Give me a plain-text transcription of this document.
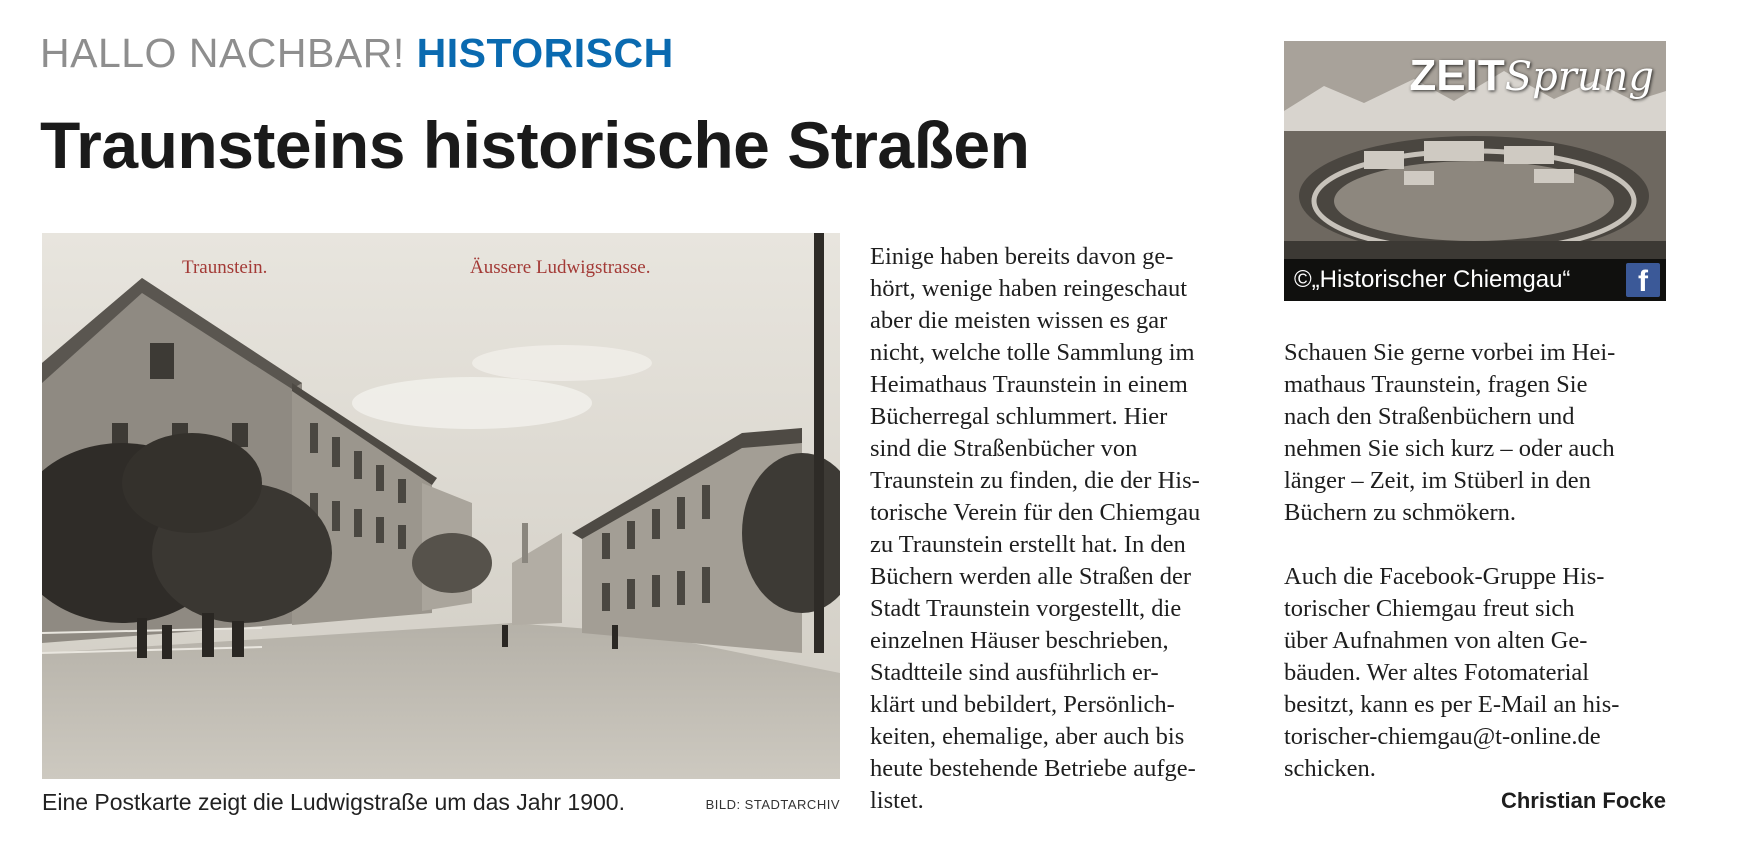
HALLO NACHBAR! HISTORISCH
Traunsteins historische Straßen
Traunstein.	Äussere Ludwigstrasse.
Eine Postkarte zeigt die Ludwigstraße um das Jahr 1900.	BILD: STADTARCHIV

Einige haben bereits davon ge-
hört, wenige haben reingeschaut
aber die meisten wissen es gar
nicht, welche tolle Sammlung im
Heimathaus Traunstein in einem
Bücherregal schlummert. Hier
sind die Straßenbücher von
Traunstein zu finden, die der His-
torische Verein für den Chiemgau
zu Traunstein erstellt hat. In den
Büchern werden alle Straßen der
Stadt Traunstein vorgestellt, die
einzelnen Häuser beschrieben,
Stadtteile sind ausführlich er-
klärt und bebildert, Persönlich-
keiten, ehemalige, aber auch bis
heute bestehende Betriebe aufge-
listet.

ZEITSprung
©„Historischer Chiemgau“	f

Schauen Sie gerne vorbei im Hei-
mathaus Traunstein, fragen Sie
nach den Straßenbüchern und
nehmen Sie sich kurz – oder auch
länger – Zeit, im Stüberl in den
Büchern zu schmökern.

Auch die Facebook-Gruppe His-
torischer Chiemgau freut sich
über Aufnahmen von alten Ge-
bäuden. Wer altes Fotomaterial
besitzt, kann es per E-Mail an his-
torischer-chiemgau@t-online.de
schicken.

Christian Focke
